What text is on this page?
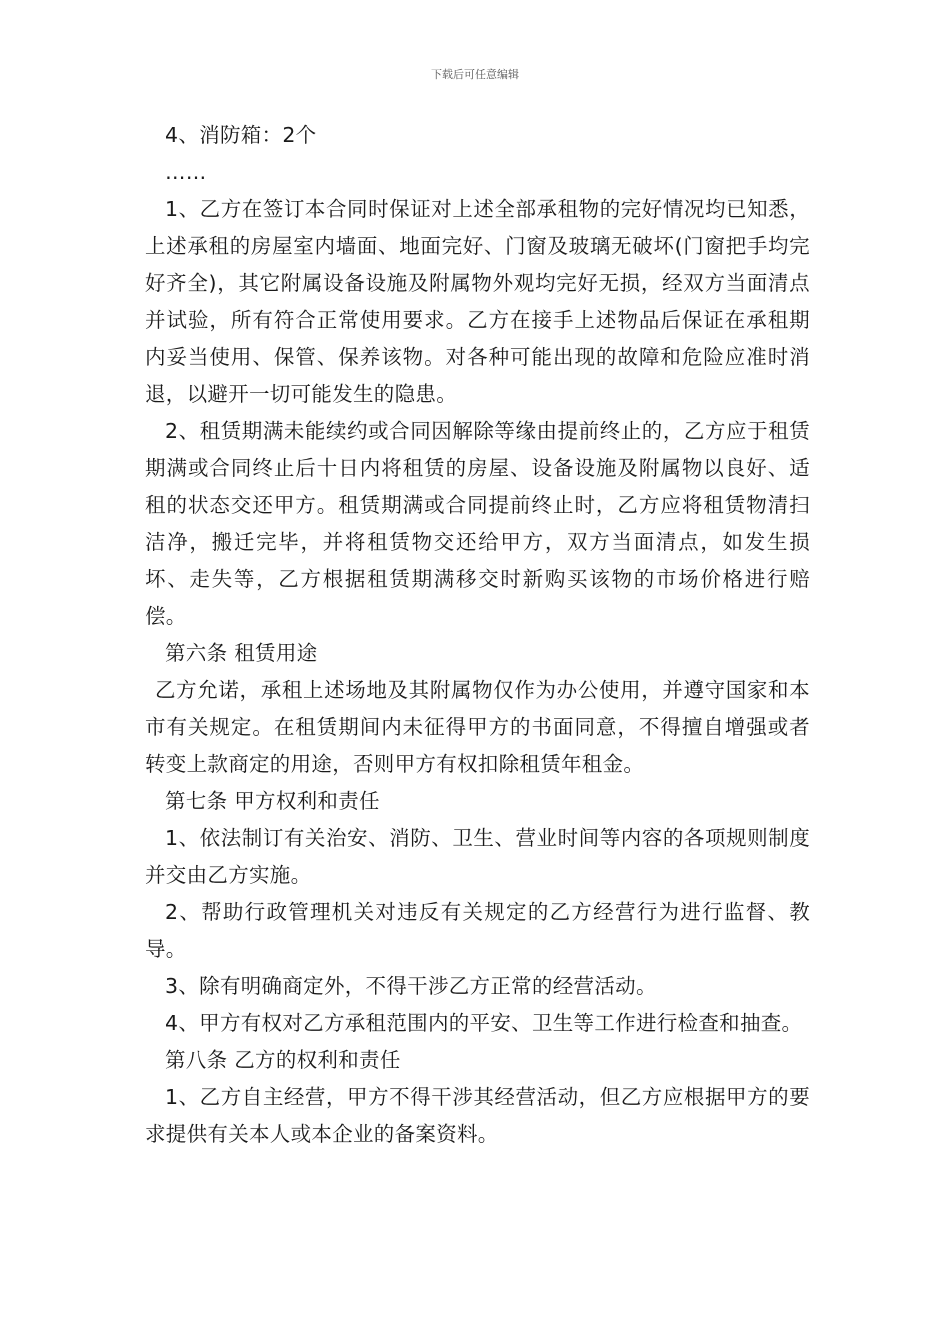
下载后可任意编辑

4、消防箱：2个

……

1、乙方在签订本合同时保证对上述全部承租物的完好情况均已知悉，上述承租的房屋室内墙面、地面完好、门窗及玻璃无破坏(门窗把手均完好齐全)，其它附属设备设施及附属物外观均完好无损，经双方当面清点并试验，所有符合正常使用要求。乙方在接手上述物品后保证在承租期内妥当使用、保管、保养该物。对各种可能出现的故障和危险应准时消退，以避开一切可能发生的隐患。

2、租赁期满未能续约或合同因解除等缘由提前终止的，乙方应于租赁期满或合同终止后十日内将租赁的房屋、设备设施及附属物以良好、适租的状态交还甲方。租赁期满或合同提前终止时，乙方应将租赁物清扫洁净，搬迁完毕，并将租赁物交还给甲方，双方当面清点，如发生损坏、走失等，乙方根据租赁期满移交时新购买该物的市场价格进行赔偿。

第六条 租赁用途

乙方允诺，承租上述场地及其附属物仅作为办公使用，并遵守国家和本市有关规定。在租赁期间内未征得甲方的书面同意，不得擅自增强或者转变上款商定的用途，否则甲方有权扣除租赁年租金。

第七条 甲方权利和责任

1、依法制订有关治安、消防、卫生、营业时间等内容的各项规则制度并交由乙方实施。

2、帮助行政管理机关对违反有关规定的乙方经营行为进行监督、教导。

3、除有明确商定外，不得干涉乙方正常的经营活动。

4、甲方有权对乙方承租范围内的平安、卫生等工作进行检查和抽查。

第八条 乙方的权利和责任

1、乙方自主经营，甲方不得干涉其经营活动，但乙方应根据甲方的要求提供有关本人或本企业的备案资料。
